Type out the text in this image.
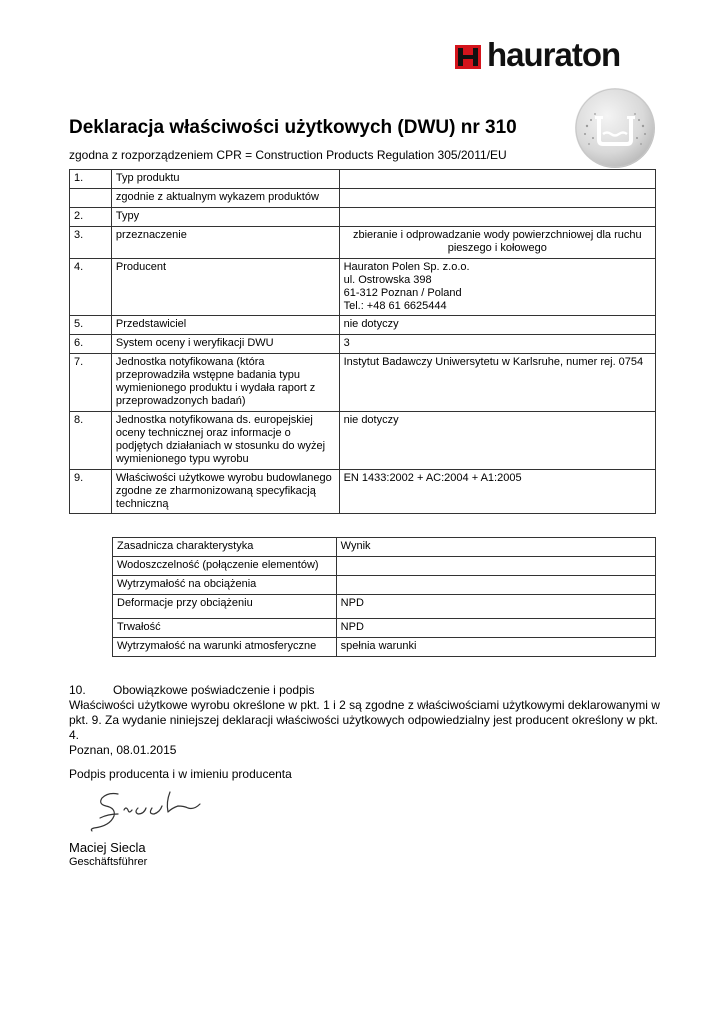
hauraton
Deklaracja właściwości użytkowych (DWU) nr 310
zgodna z rozporządzeniem CPR = Construction Products Regulation 305/2011/EU
1.	Typ produktu	
	zgodnie z aktualnym wykazem produktów	
2.	Typy	
3.	przeznaczenie	zbieranie i odprowadzanie wody powierzchniowej dla ruchu pieszego i kołowego
4.	Producent	Hauraton Polen Sp. z.o.o.
ul. Ostrowska 398
61-312 Poznan / Poland
Tel.: +48 61 6625444

5.	Przedstawiciel	nie dotyczy
6.	System oceny i weryfikacji DWU	3
7.	Jednostka notyfikowana (która przeprowadziła wstępne badania typu wymienionego produktu i wydała raport z przeprowadzonych badań)	Instytut Badawczy Uniwersytetu w Karlsruhe, numer rej. 0754
8.	Jednostka notyfikowana ds. europejskiej oceny technicznej oraz informacje o podjętych działaniach w stosunku do wyżej wymienionego typu wyrobu	nie dotyczy
9.	Właściwości użytkowe wyrobu budowlanego zgodne ze zharmonizowaną specyfikacją techniczną	EN 1433:2002 + AC:2004 + A1:2005
Zasadnicza charakterystyka	Wynik
Wodoszczelność (połączenie elementów)	
Wytrzymałość na obciążenia	
Deformacje przy obciążeniu	NPD
Trwałość	NPD
Wytrzymałość na warunki atmosferyczne	spełnia warunki
10. Obowiązkowe poświadczenie i podpis
Właściwości użytkowe wyrobu określone w pkt. 1 i 2 są zgodne z właściwościami użytkowymi deklarowanymi w pkt. 9. Za wydanie niniejszej deklaracji właściwości użytkowych odpowiedzialny jest producent określony w pkt. 4.
Poznan, 08.01.2015
Podpis producenta i w imieniu producenta
Maciej Siecla
Geschäftsführer
